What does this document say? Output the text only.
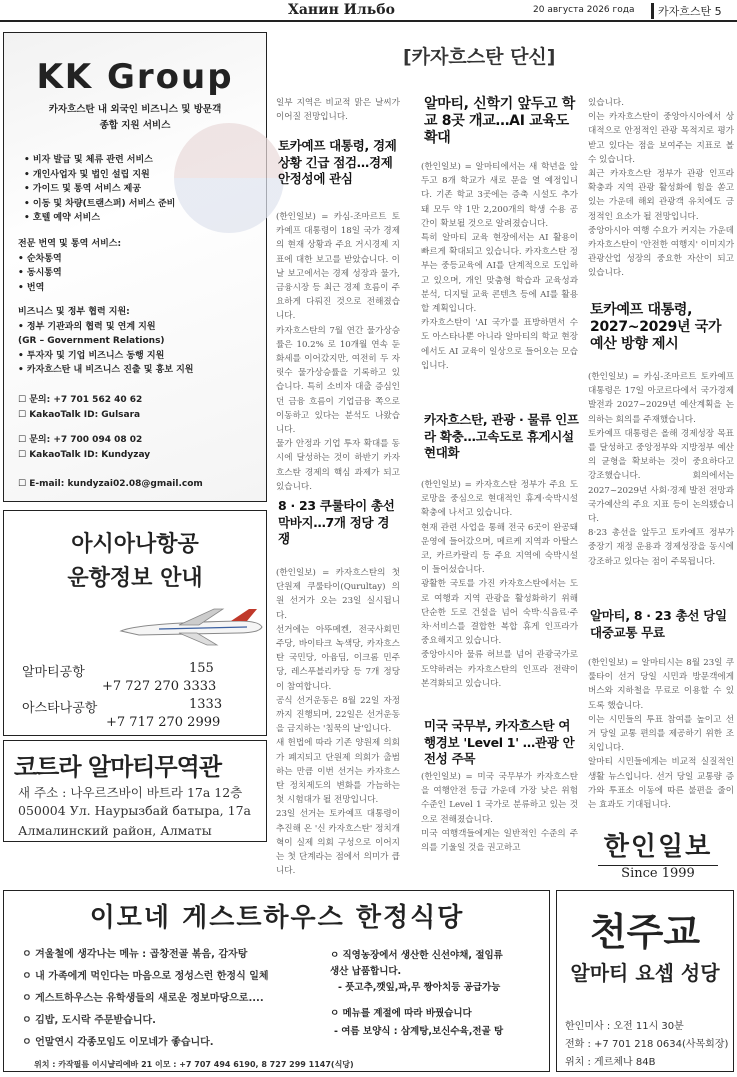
Ханин Ильбо	20 августа 2026 года	카자흐스탄 5
KK Group
카자흐스탄 내 외국인 비즈니스 및 방문객
종합 지원 서비스
• 비자 발급 및 체류 관련 서비스
• 개인사업자 및 법인 설립 지원
• 가이드 및 통역 서비스 제공
• 이동 및 차량(트랜스퍼) 서비스 준비
• 호텔 예약 서비스
전문 번역 및 통역 서비스:
• 순차통역
• 동시통역
• 번역
비즈니스 및 정부 협력 지원:
• 정부 기관과의 협력 및 연계 지원
(GR – Government Relations)
• 투자자 및 기업 비즈니스 동행 지원
• 카자흐스탄 내 비즈니스 진출 및 홍보 지원
☐ 문의: +7 701 562 40 62
☐ KakaoTalk ID: Gulsara
☐ 문의: +7 700 094 08 02
☐ KakaoTalk ID: Kundyzay
☐ E-mail: kundyzai02.08@gmail.com
아시아나항공
운항정보 안내
알마티공항	155
+7 727 270 3333
아스타나공항	1333
+7 717 270 2999
코트라 알마티무역관
새 주소 : 나우르즈바이 바트라 17a 12층
050004 Ул. Наурызбай батыра, 17a
Алмалинский район, Алматы
[카자흐스탄 단신]
일부 지역은 비교적 맑은 날씨가 이어질 전망입니다.
토카예프 대통령, 경제 상황 긴급 점검…경제 안정성에 관심
(한인일보) = 카심-조마르트 토카예프 대통령이 18일 국가 경제의 현재 상황과 주요 거시경제 지표에 대한 보고를 받았습니다. 이날 보고에서는 경제 성장과 물가, 금융시장 등 최근 경제 흐름이 주요하게 다뤄진 것으로 전해졌습니다.
카자흐스탄의 7월 연간 물가상승률은 10.2% 로 10개월 연속 둔화세를 이어갔지만, 여전히 두 자릿수 물가상승률을 기록하고 있습니다. 특히 소비자 대출 증심인던 금융 흐름이 기업금융 쪽으로 이동하고 있다는 분석도 나왔습니다.
물가 안정과 기업 투자 확대를 동시에 달성하는 것이 하반기 카자흐스탄 경제의 핵심 과제가 되고 있습니다.
8 · 23 쿠룰타이 총선 막바지…7개 정당 경쟁
(한인일보) = 카자흐스탄의 첫 단원제 쿠룰타이(Qurultay) 의원 선거가 오는 23일 실시됩니다.
선거에는 아뚜메켄, 전국사회민주당, 바이타크 녹색당, 카자흐스탄 국민당, 아윰딤, 이크롬 민주당, 레스푸블리카당 등 7개 정당이 참여합니다.
공식 선거운동은 8월 22일 자정까지 진행되며, 22일은 선거운동을 금지하는 '침묵의 날'입니다.
새 헌법에 따라 기존 양원제 의회가 폐지되고 단원제 의회가 출범하는 만큼 이번 선거는 카자흐스탄 정치제도의 변화를 가늠하는 첫 시험대가 될 전망입니다.
23일 선거는 토카예프 대통령이 추진해 온 '신 카자흐스탄' 정치개혁이 실제 의회 구성으로 이어지는 첫 단계라는 점에서 의미가 큽니다.
알마티, 신학기 앞두고 학교 8곳 개교…AI 교육도 확대
(한인일보) = 알마티에서는 새 학년을 앞두고 8개 학교가 새로 문을 열 예정입니다. 기존 학교 3곳에는 증축 시설도 추가돼 모두 약 1만 2,200개의 학생 수용 공간이 확보될 것으로 알려졌습니다.
특히 알마티 교육 현장에서는 AI 활용이 빠르게 확대되고 있습니다. 카자흐스탄 정부는 중등교육에 AI를 단계적으로 도입하고 있으며, 개인 맞춤형 학습과 교육성과 분석, 디지털 교육 콘텐츠 등에 AI를 활용할 계획입니다.
카자흐스탄이 'AI 국가'를 표방하면서 수도 아스타나뿐 아니라 알마티의 학교 현장에서도 AI 교육이 일상으로 들어오는 모습입니다.
카자흐스탄, 관광 · 물류 인프라 확충…고속도로 휴게시설 현대화
(한인일보) = 카자흐스탄 정부가 주요 도로망을 중심으로 현대적인 휴게·숙박시설 확충에 나서고 있습니다.
현재 관련 사업을 통해 전국 6곳이 완공돼 운영에 들어갔으며, 메르케 지역과 아탈스코, 카르카랄리 등 주요 지역에 숙박시설이 들어섰습니다.
광활한 국토를 가진 카자흐스탄에서는 도로 여행과 지역 관광을 활성화하기 위해 단순한 도로 건설을 넘어 숙박·식음료·주차·서비스를 결합한 복합 휴게 인프라가 중요해지고 있습니다.
중앙아시아 물류 허브를 넘어 관광국가로 도약하려는 카자흐스탄의 인프라 전략이 본격화되고 있습니다.
미국 국무부, 카자흐스탄 여행경보 'Level 1' …관광 안전성 주목
(한인일보) = 미국 국무부가 카자흐스탄을 여행안전 등급 가운데 가장 낮은 위험 수준인 Level 1 국가로 분류하고 있는 것으로 전해졌습니다.
미국 여행객들에게는 일반적인 수준의 주의를 기울일 것을 권고하고
있습니다.
이는 카자흐스탄이 중앙아시아에서 상대적으로 안정적인 관광 목적지로 평가받고 있다는 점을 보여주는 지표로 볼 수 있습니다.
최근 카자흐스탄 정부가 관광 인프라 확충과 지역 관광 활성화에 힘을 쏟고 있는 가운데 해외 관광객 유치에도 긍정적인 요소가 될 전망입니다.
중앙아시아 여행 수요가 커지는 가운데 카자흐스탄이 '안전한 여행지' 이미지가 관광산업 성장의 중요한 자산이 되고 있습니다.
토카예프 대통령, 2027~2029년 국가예산 방향 제시
(한인일보) = 카심-조마르트 토카예프 대통령은 17일 아코르다에서 국가경제 발전과 2027~2029년 예산계획을 논의하는 회의를 주재했습니다.
토카예프 대통령은 올해 경제성장 목표를 달성하고 중앙정부와 지방정부 예산의 균형을 확보하는 것이 중요하다고 강조했습니다. 회의에서는 2027~2029년 사회·경제 발전 전망과 국가예산의 주요 지표 등이 논의됐습니다.
8·23 총선을 앞두고 토카예프 정부가 중장기 재정 운용과 경제성장을 동시에 강조하고 있다는 점이 주목됩니다.
알마티, 8 · 23 총선 당일 대중교통 무료
(한인일보) = 알마티시는 8월 23일 쿠룰타이 선거 당일 시민과 방문객에게 버스와 지하철을 무료로 이용할 수 있도록 했습니다.
이는 시민들의 투표 참여를 높이고 선거 당일 교통 편의를 제공하기 위한 조치입니다.
알마티 시민들에게는 비교적 실질적인 생활 뉴스입니다. 선거 당일 교통량 증가와 투표소 이동에 따른 불편을 줄이는 효과도 기대됩니다.
한인일보
Since 1999
이모네 게스트하우스 한정식당
ㅇ 겨울철에 생각나는 메뉴 : 곱창전골 볶음, 감자탕
ㅇ 내 가족에게 먹인다는 마음으로 정성스런 한정식 일체
ㅇ 게스트하우스는 유학생들의 새로운 정보마당으로....
ㅇ 김밥, 도시락 주문받습니다.
ㅇ 언말연시 각종모임도 이모네가 좋습니다.
ㅇ 직영농장에서 생산한 신선야채, 절임류
생산 납품합니다.
- 풋고추,깻잎,파,무 짱아치등 공급가능
ㅇ 메뉴를 계절에 따라 바꿨습니다
- 여름 보양식 : 삼계탕,보신수육,전골 탕
위치 : 카작필름 이시냘리에바 21 이모 : +7 707 494 6190, 8 727 299 1147(식당)
천주교
알마티 요셉 성당
한인미사 : 오전 11시 30분
전화 : +7 701 218 0634(사목회장)
위치 : 게르체나 84B
